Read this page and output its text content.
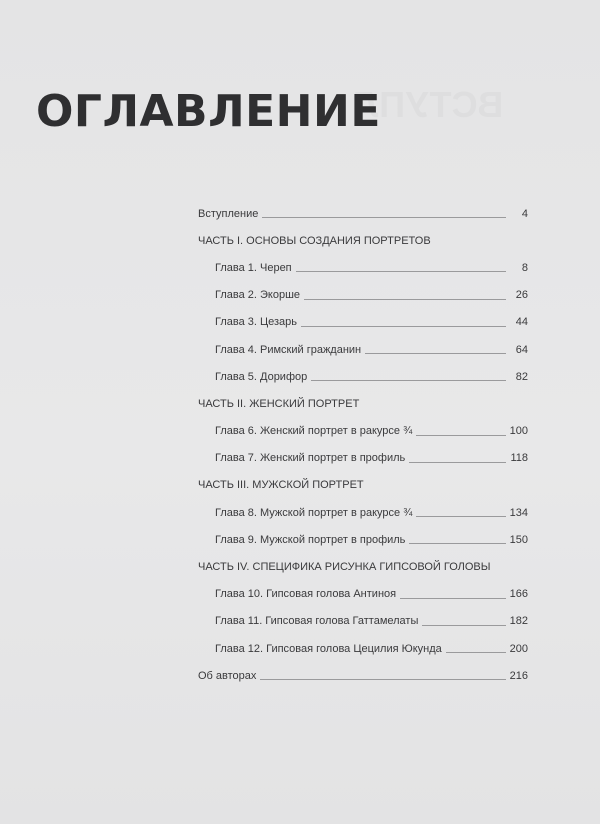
ВСТУПЛ
ОГЛАВЛЕНИЕ
Вступление	4
ЧАСТЬ I. ОСНОВЫ СОЗДАНИЯ ПОРТРЕТОВ
Глава 1. Череп	8
Глава 2. Экорше	26
Глава 3. Цезарь	44
Глава 4. Римский гражданин	64
Глава 5. Дорифор	82
ЧАСТЬ II. ЖЕНСКИЙ ПОРТРЕТ
Глава 6. Женский портрет в ракурсе ¾	100
Глава 7. Женский портрет в профиль	118
ЧАСТЬ III. МУЖСКОЙ ПОРТРЕТ
Глава 8. Мужской портрет в ракурсе ¾	134
Глава 9. Мужской портрет в профиль	150
ЧАСТЬ IV. СПЕЦИФИКА РИСУНКА ГИПСОВОЙ ГОЛОВЫ
Глава 10. Гипсовая голова Антиноя	166
Глава 11. Гипсовая голова Гаттамелаты	182
Глава 12. Гипсовая голова Цецилия Юкунда	200
Об авторах	216
